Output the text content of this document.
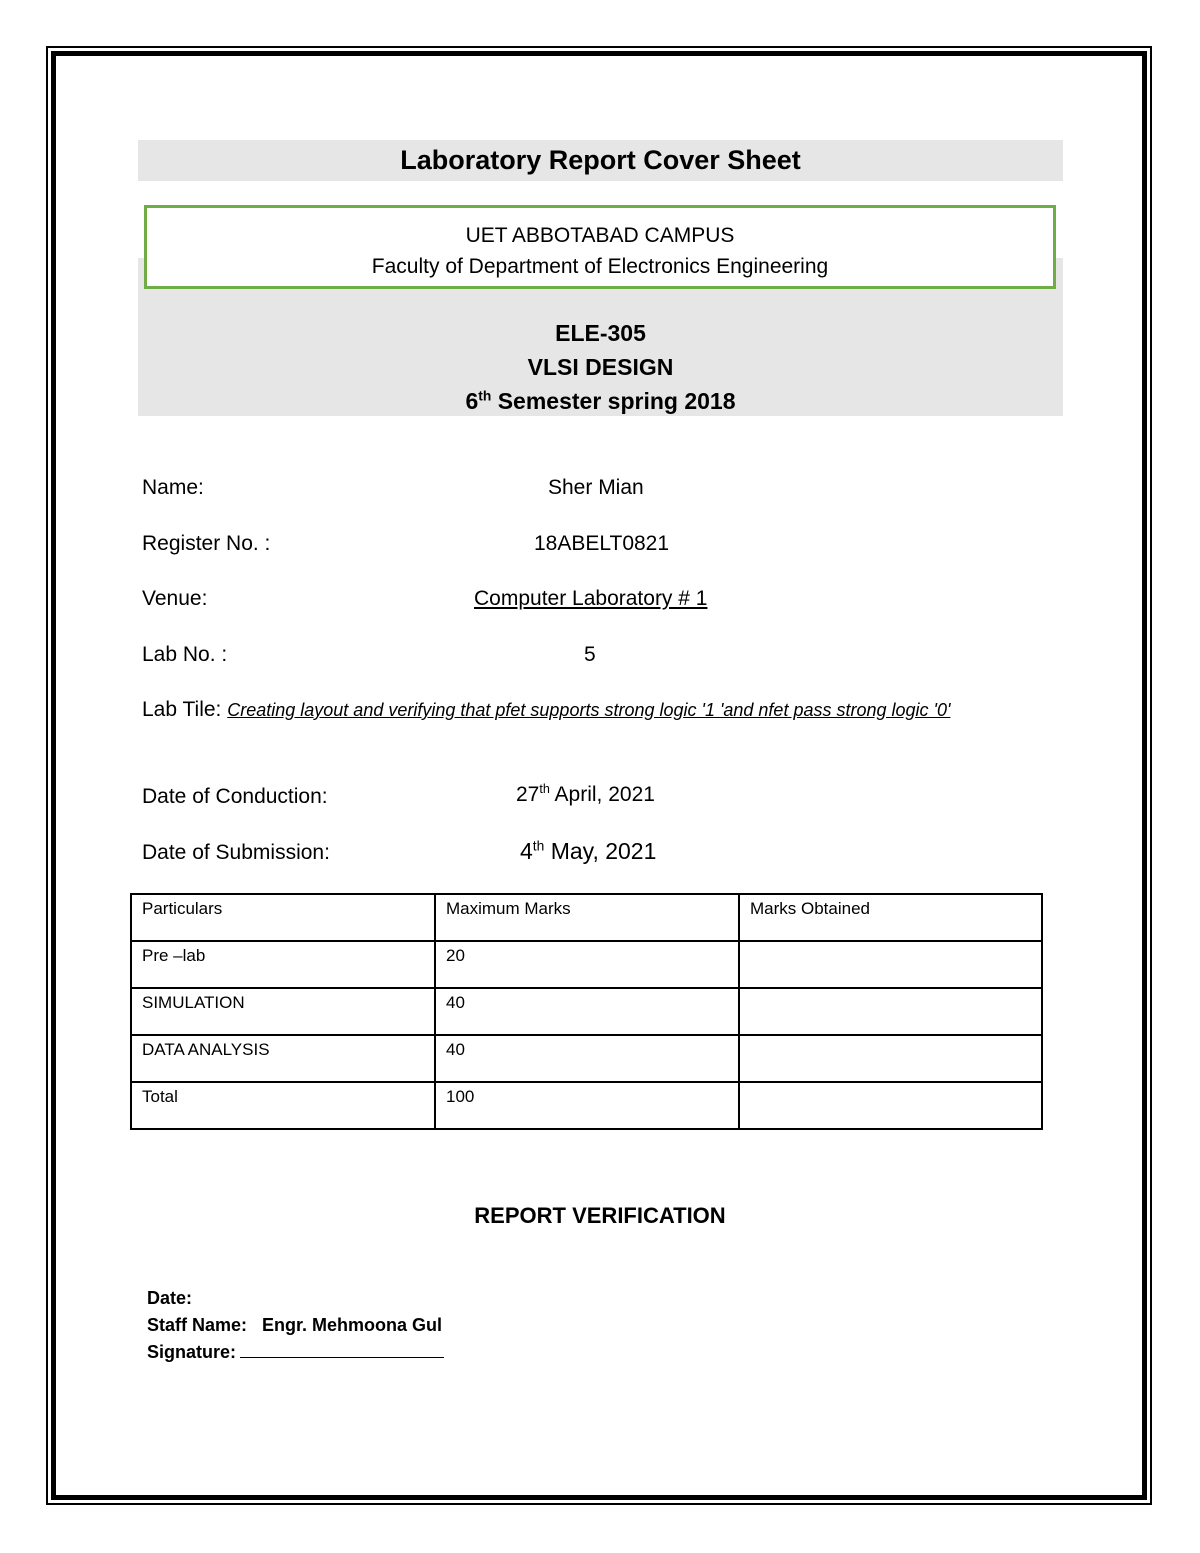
Laboratory Report Cover Sheet
UET ABBOTABAD CAMPUS
Faculty of Department of Electronics Engineering
ELE-305
VLSI DESIGN
6th Semester spring 2018
Name:	Sher Mian
Register No. :	18ABELT0821
Venue:	Computer Laboratory # 1
Lab No. :	5
Lab Tile: Creating layout and verifying that pfet supports strong logic '1 'and nfet pass strong logic '0'
Date of Conduction:	27th April, 2021
Date of Submission:	4th May, 2021
Particulars	Maximum Marks	Marks Obtained
Pre –lab	20	
SIMULATION	40	
DATA ANALYSIS	40	
Total	100	
REPORT VERIFICATION
Date:
Staff Name: Engr. Mehmoona Gul
Signature:
